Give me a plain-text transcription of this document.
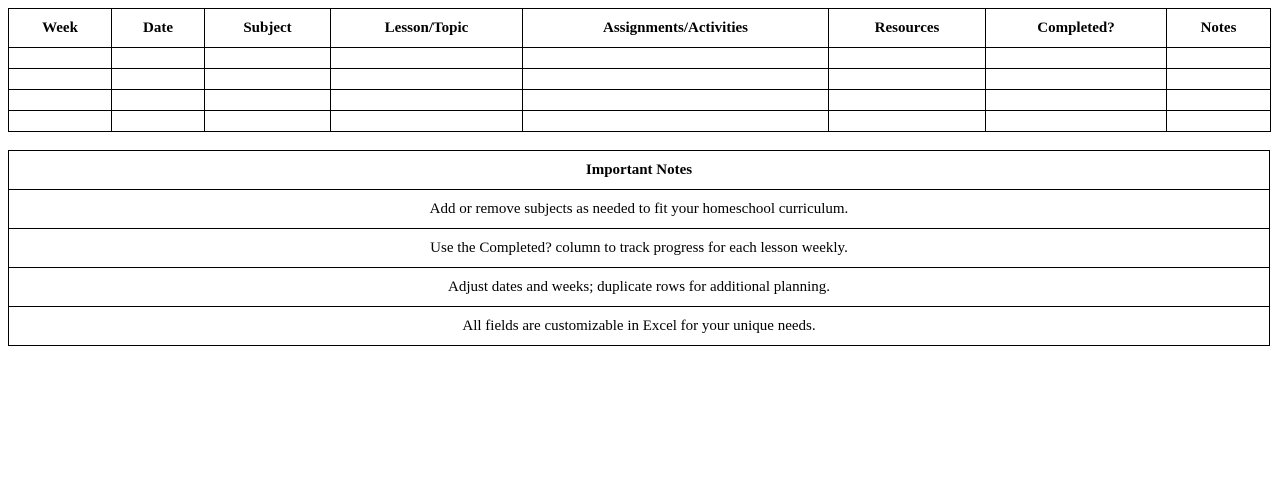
Week	Date	Subject	Lesson/Topic	Assignments/Activities	Resources	Completed?	Notes

Important Notes
Add or remove subjects as needed to fit your homeschool curriculum.
Use the Completed? column to track progress for each lesson weekly.
Adjust dates and weeks; duplicate rows for additional planning.
All fields are customizable in Excel for your unique needs.
